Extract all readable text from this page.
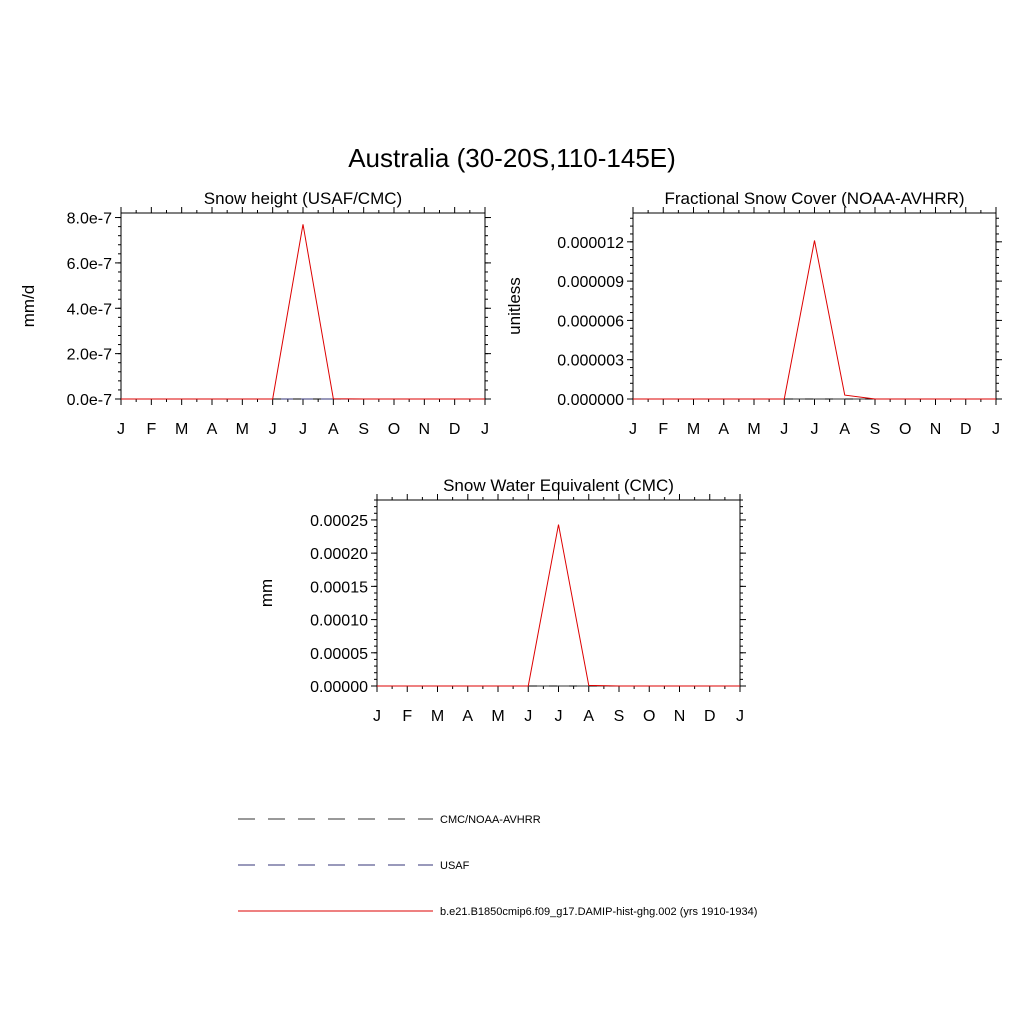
Australia (30-20S,110-145E)
Snow height (USAF/CMC)
mm/d
J F M A M J J A S O N D J
0.0e-7
2.0e-7
4.0e-7
6.0e-7
8.0e-7
Fractional Snow Cover (NOAA-AVHRR)
unitless
J F M A M J J A S O N D J
0.000000
0.000003
0.000006
0.000009
0.000012
Snow Water Equivalent (CMC)
mm
J F M A M J J A S O N D J
0.00000
0.00005
0.00010
0.00015
0.00020
0.00025
CMC/NOAA-AVHRR
USAF
b.e21.B1850cmip6.f09_g17.DAMIP-hist-ghg.002 (yrs 1910-1934)
